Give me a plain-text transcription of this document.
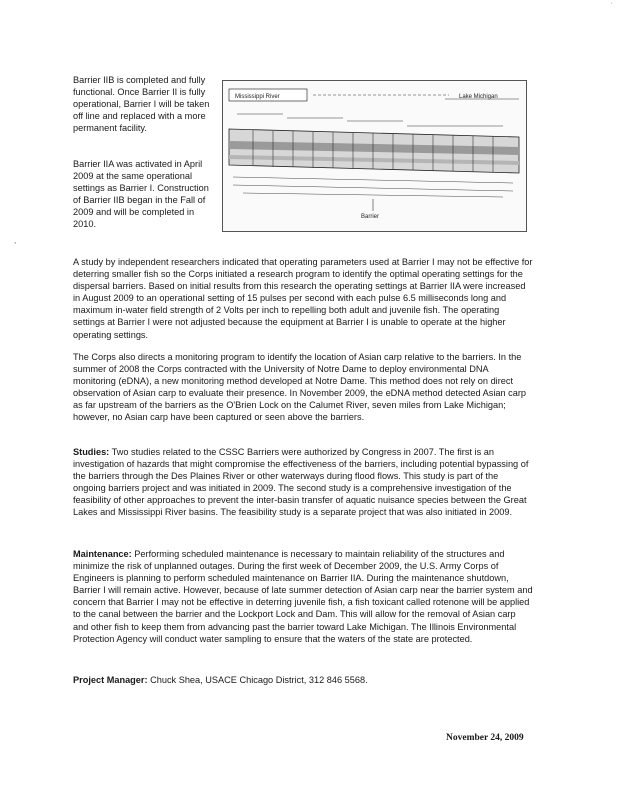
·
,

Barrier IIB is completed and fully functional. Once Barrier II is fully operational, Barrier I will be taken off line and replaced with a more permanent facility.

Barrier IIA was activated in April 2009 at the same operational settings as Barrier I. Construction of Barrier IIB began in the Fall of 2009 and will be completed in 2010.

Mississippi River	Lake Michigan
Barrier

A study by independent researchers indicated that operating parameters used at Barrier I may not be effective for deterring smaller fish so the Corps initiated a research program to identify the optimal operating settings for the dispersal barriers. Based on initial results from this research the operating settings at Barrier IIA were increased in August 2009 to an operational setting of 15 pulses per second with each pulse 6.5 milliseconds long and maximum in-water field strength of 2 Volts per inch to repelling both adult and juvenile fish. The operating settings at Barrier I were not adjusted because the equipment at Barrier I is unable to operate at the higher operating settings.

The Corps also directs a monitoring program to identify the location of Asian carp relative to the barriers. In the summer of 2008 the Corps contracted with the University of Notre Dame to deploy environmental DNA monitoring (eDNA), a new monitoring method developed at Notre Dame. This method does not rely on direct observation of Asian carp to evaluate their presence. In November 2009, the eDNA method detected Asian carp as far upstream of the barriers as the O'Brien Lock on the Calumet River, seven miles from Lake Michigan; however, no Asian carp have been captured or seen above the barriers.

Studies: Two studies related to the CSSC Barriers were authorized by Congress in 2007. The first is an investigation of hazards that might compromise the effectiveness of the barriers, including potential bypassing of the barriers through the Des Plaines River or other waterways during flood flows. This study is part of the ongoing barriers project and was initiated in 2009. The second study is a comprehensive investigation of the feasibility of other approaches to prevent the inter-basin transfer of aquatic nuisance species between the Great Lakes and Mississippi River basins. The feasibility study is a separate project that was also initiated in 2009.

Maintenance: Performing scheduled maintenance is necessary to maintain reliability of the structures and minimize the risk of unplanned outages. During the first week of December 2009, the U.S. Army Corps of Engineers is planning to perform scheduled maintenance on Barrier IIA. During the maintenance shutdown, Barrier I will remain active. However, because of late summer detection of Asian carp near the barrier system and concern that Barrier I may not be effective in deterring juvenile fish, a fish toxicant called rotenone will be applied to the canal between the barrier and the Lockport Lock and Dam. This will allow for the removal of Asian carp and other fish to keep them from advancing past the barrier toward Lake Michigan. The Illinois Environmental Protection Agency will conduct water sampling to ensure that the waters of the state are protected.

Project Manager: Chuck Shea, USACE Chicago District, 312 846 5568.

November 24, 2009
